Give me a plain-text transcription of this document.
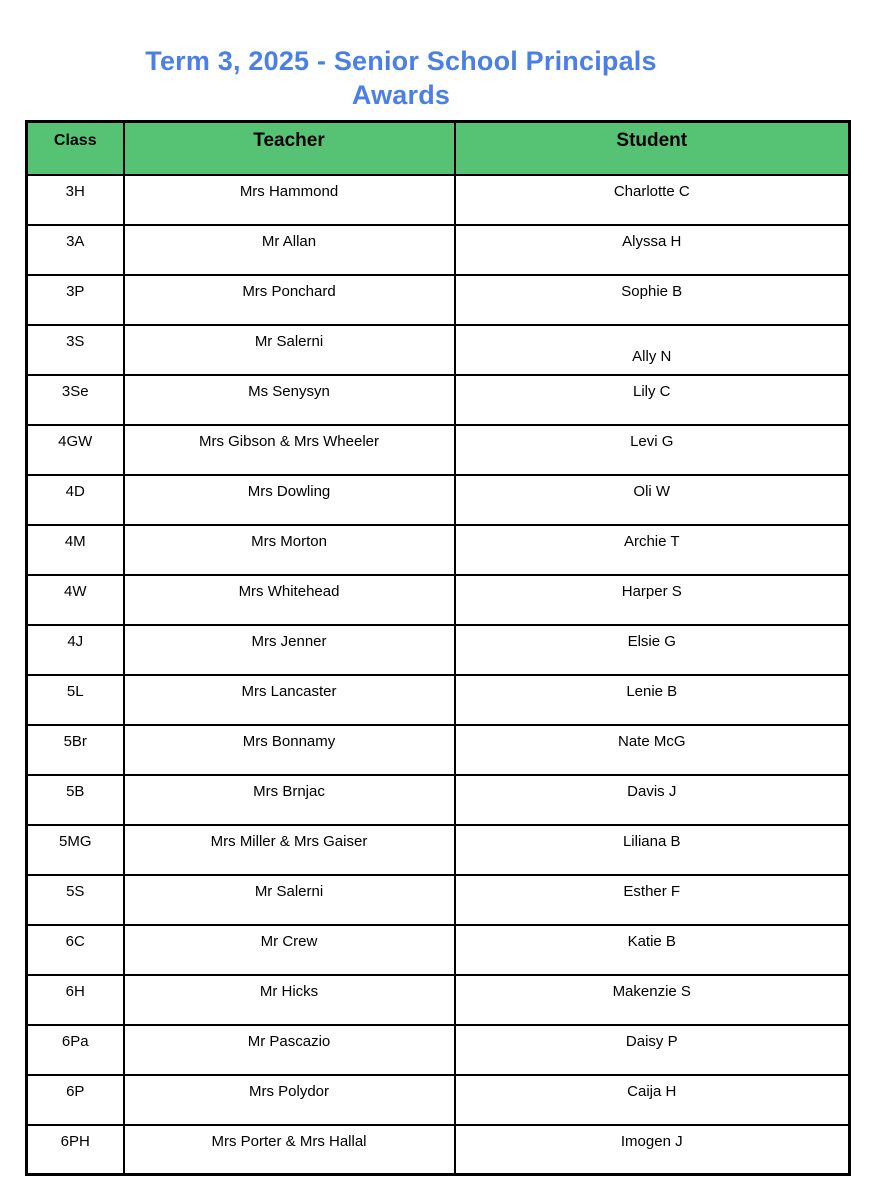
Term 3, 2025 - Senior School Principals
Awards
Class	Teacher	Student
3H	Mrs Hammond	Charlotte C
3A	Mr Allan	Alyssa H
3P	Mrs Ponchard	Sophie B
3S	Mr Salerni	Ally N
3Se	Ms Senysyn	Lily C
4GW	Mrs Gibson & Mrs Wheeler	Levi G
4D	Mrs Dowling	Oli W
4M	Mrs Morton	Archie T
4W	Mrs Whitehead	Harper S
4J	Mrs Jenner	Elsie G
5L	Mrs Lancaster	Lenie B
5Br	Mrs Bonnamy	Nate McG
5B	Mrs Brnjac	Davis J
5MG	Mrs Miller & Mrs Gaiser	Liliana B
5S	Mr Salerni	Esther F
6C	Mr Crew	Katie B
6H	Mr Hicks	Makenzie S
6Pa	Mr Pascazio	Daisy P
6P	Mrs Polydor	Caija H
6PH	Mrs Porter & Mrs Hallal	Imogen J
